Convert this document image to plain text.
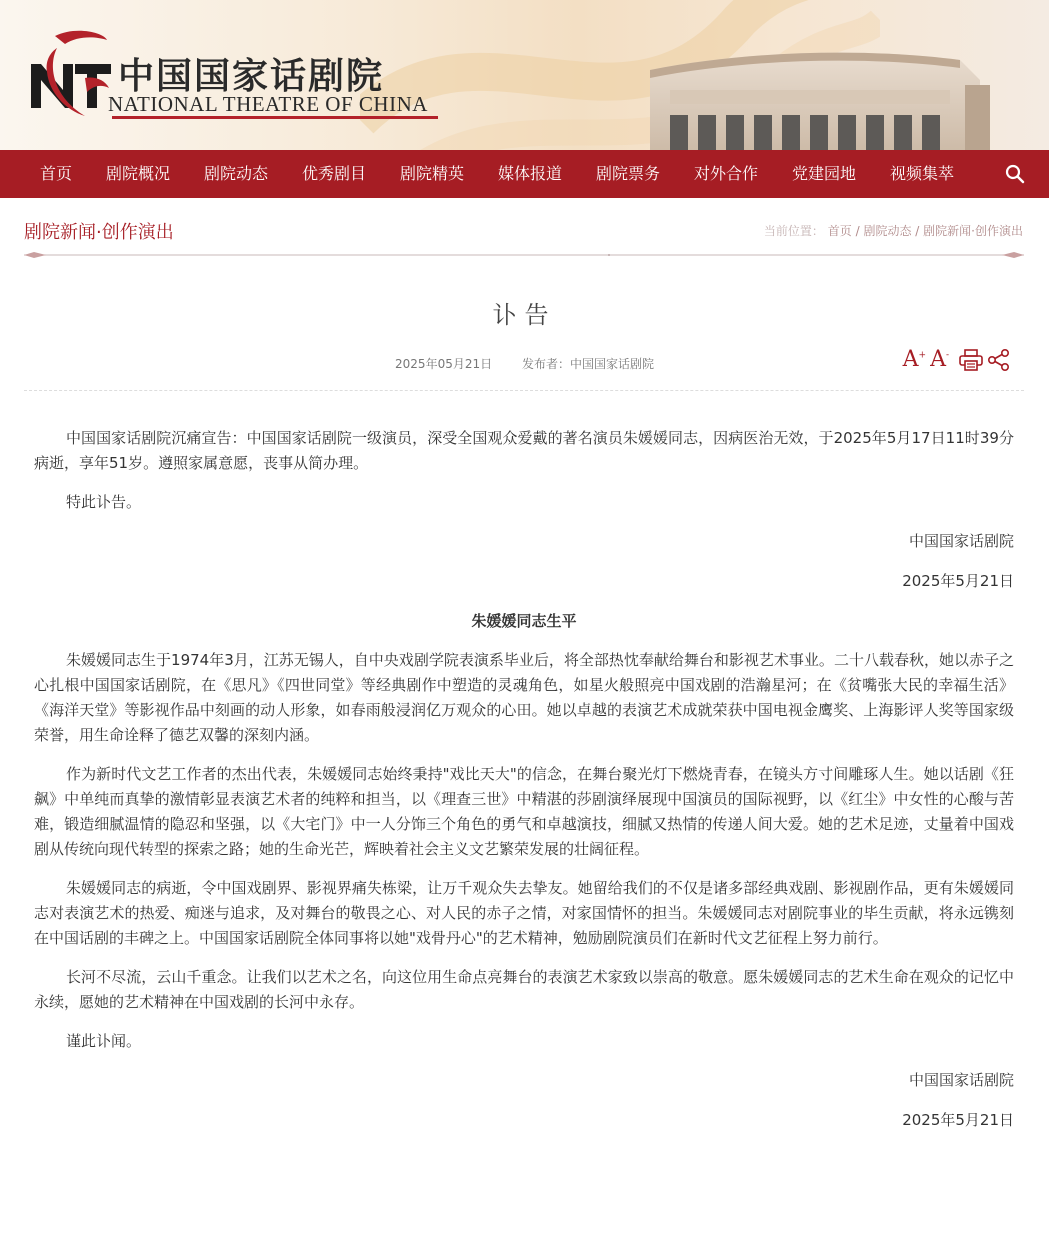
中国国家话剧院
NATIONAL THEATRE OF CHINA
首页 剧院概况 剧院动态 优秀剧目 剧院精英 媒体报道 剧院票务 对外合作 党建园地 视频集萃
剧院新闻·创作演出	当前位置： 首页 / 剧院动态 / 剧院新闻·创作演出
讣告
2025年05月21日 发布者：中国国家话剧院	A+ A-

中国国家话剧院沉痛宣告：中国国家话剧院一级演员，深受全国观众爱戴的著名演员朱媛媛同志，因病医治无效，于2025年5月17日11时39分病逝，享年51岁。遵照家属意愿，丧事从简办理。

特此讣告。

中国国家话剧院

2025年5月21日

朱媛媛同志生平

朱媛媛同志生于1974年3月，江苏无锡人，自中央戏剧学院表演系毕业后，将全部热忱奉献给舞台和影视艺术事业。二十八载春秋，她以赤子之心扎根中国国家话剧院，在《思凡》《四世同堂》等经典剧作中塑造的灵魂角色，如星火般照亮中国戏剧的浩瀚星河；在《贫嘴张大民的幸福生活》《海洋天堂》等影视作品中刻画的动人形象，如春雨般浸润亿万观众的心田。她以卓越的表演艺术成就荣获中国电视金鹰奖、上海影评人奖等国家级荣誉，用生命诠释了德艺双馨的深刻内涵。

作为新时代文艺工作者的杰出代表，朱媛媛同志始终秉持"戏比天大"的信念，在舞台聚光灯下燃烧青春，在镜头方寸间雕琢人生。她以话剧《狂飙》中单纯而真挚的激情彰显表演艺术者的纯粹和担当，以《理查三世》中精湛的莎剧演绎展现中国演员的国际视野，以《红尘》中女性的心酸与苦难，锻造细腻温情的隐忍和坚强，以《大宅门》中一人分饰三个角色的勇气和卓越演技，细腻又热情的传递人间大爱。她的艺术足迹，丈量着中国戏剧从传统向现代转型的探索之路；她的生命光芒，辉映着社会主义文艺繁荣发展的壮阔征程。

朱媛媛同志的病逝，令中国戏剧界、影视界痛失栋梁，让万千观众失去挚友。她留给我们的不仅是诸多部经典戏剧、影视剧作品，更有朱媛媛同志对表演艺术的热爱、痴迷与追求，及对舞台的敬畏之心、对人民的赤子之情，对家国情怀的担当。朱媛媛同志对剧院事业的毕生贡献，将永远镌刻在中国话剧的丰碑之上。中国国家话剧院全体同事将以她"戏骨丹心"的艺术精神，勉励剧院演员们在新时代文艺征程上努力前行。

长河不尽流，云山千重念。让我们以艺术之名，向这位用生命点亮舞台的表演艺术家致以崇高的敬意。愿朱媛媛同志的艺术生命在观众的记忆中永续，愿她的艺术精神在中国戏剧的长河中永存。

谨此讣闻。

中国国家话剧院

2025年5月21日
